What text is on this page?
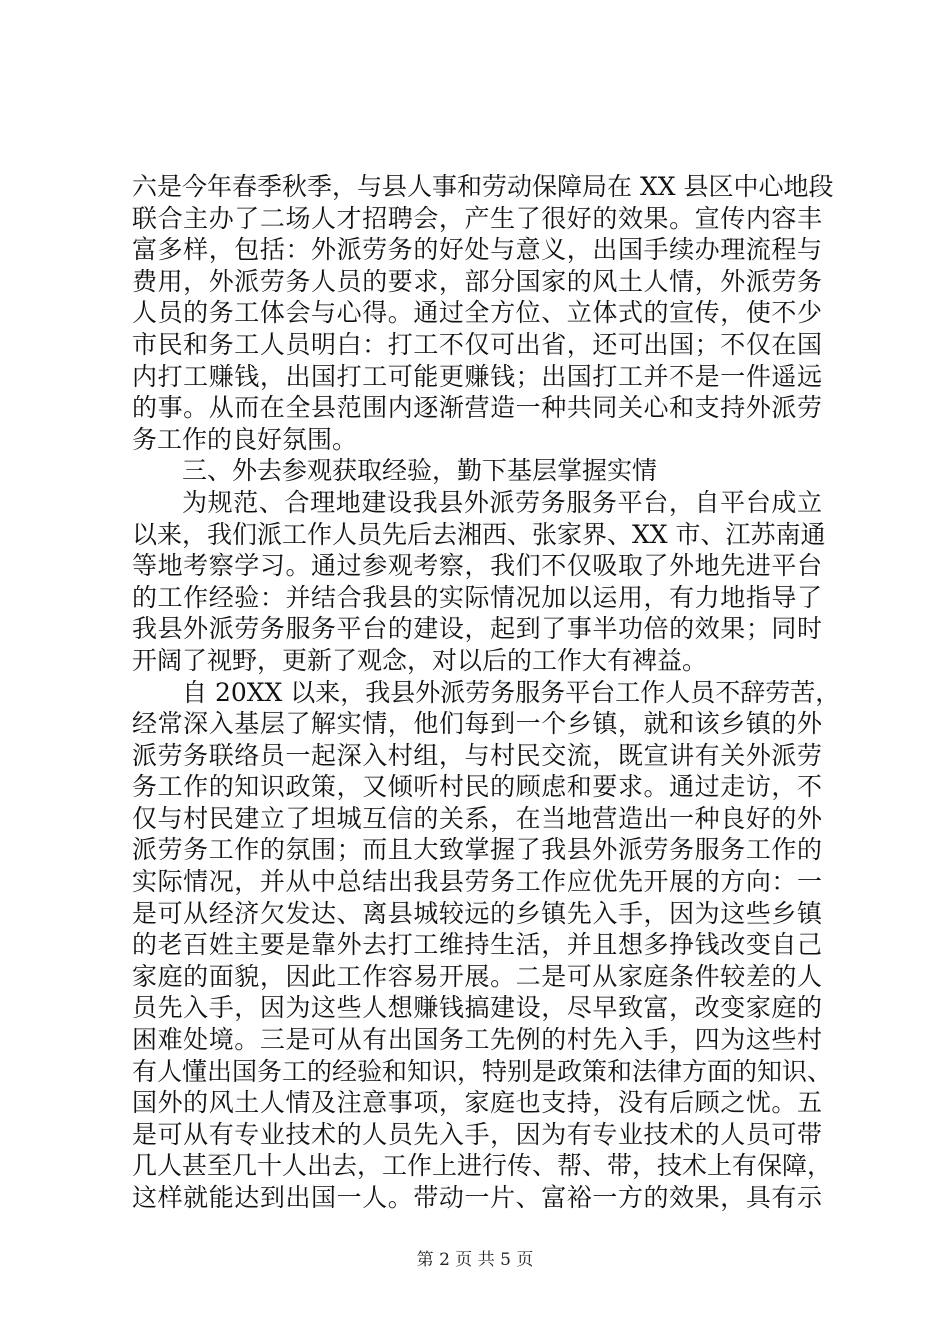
六是今年春季秋季，与县人事和劳动保障局在 XX 县区中心地段
联合主办了二场人才招聘会，产生了很好的效果。宣传内容丰
富多样，包括：外派劳务的好处与意义，出国手续办理流程与
费用，外派劳务人员的要求，部分国家的风土人情，外派劳务
人员的务工体会与心得。通过全方位、立体式的宣传，使不少
市民和务工人员明白：打工不仅可出省，还可出国；不仅在国
内打工赚钱，出国打工可能更赚钱；出国打工并不是一件遥远
的事。从而在全县范围内逐渐营造一种共同关心和支持外派劳
务工作的良好氛围。
三、外去参观获取经验，勤下基层掌握实情
为规范、合理地建设我县外派劳务服务平台，自平台成立
以来，我们派工作人员先后去湘西、张家界、XX 市、江苏南通
等地考察学习。通过参观考察，我们不仅吸取了外地先进平台
的工作经验：并结合我县的实际情况加以运用，有力地指导了
我县外派劳务服务平台的建设，起到了事半功倍的效果；同时
开阔了视野，更新了观念，对以后的工作大有裨益。
自 20XX 以来，我县外派劳务服务平台工作人员不辞劳苦，
经常深入基层了解实情，他们每到一个乡镇，就和该乡镇的外
派劳务联络员一起深入村组，与村民交流，既宣讲有关外派劳
务工作的知识政策，又倾听村民的顾虑和要求。通过走访，不
仅与村民建立了坦城互信的关系，在当地营造出一种良好的外
派劳务工作的氛围；而且大致掌握了我县外派劳务服务工作的
实际情况，并从中总结出我县劳务工作应优先开展的方向：一
是可从经济欠发达、离县城较远的乡镇先入手，因为这些乡镇
的老百姓主要是靠外去打工维持生活，并且想多挣钱改变自己
家庭的面貌，因此工作容易开展。二是可从家庭条件较差的人
员先入手，因为这些人想赚钱搞建设，尽早致富，改变家庭的
困难处境。三是可从有出国务工先例的村先入手，四为这些村
有人懂出国务工的经验和知识，特别是政策和法律方面的知识、
国外的风土人情及注意事项，家庭也支持，没有后顾之忧。五
是可从有专业技术的人员先入手，因为有专业技术的人员可带
几人甚至几十人出去，工作上进行传、帮、带，技术上有保障，
这样就能达到出国一人。带动一片、富裕一方的效果，具有示
第 2 页 共 5 页
